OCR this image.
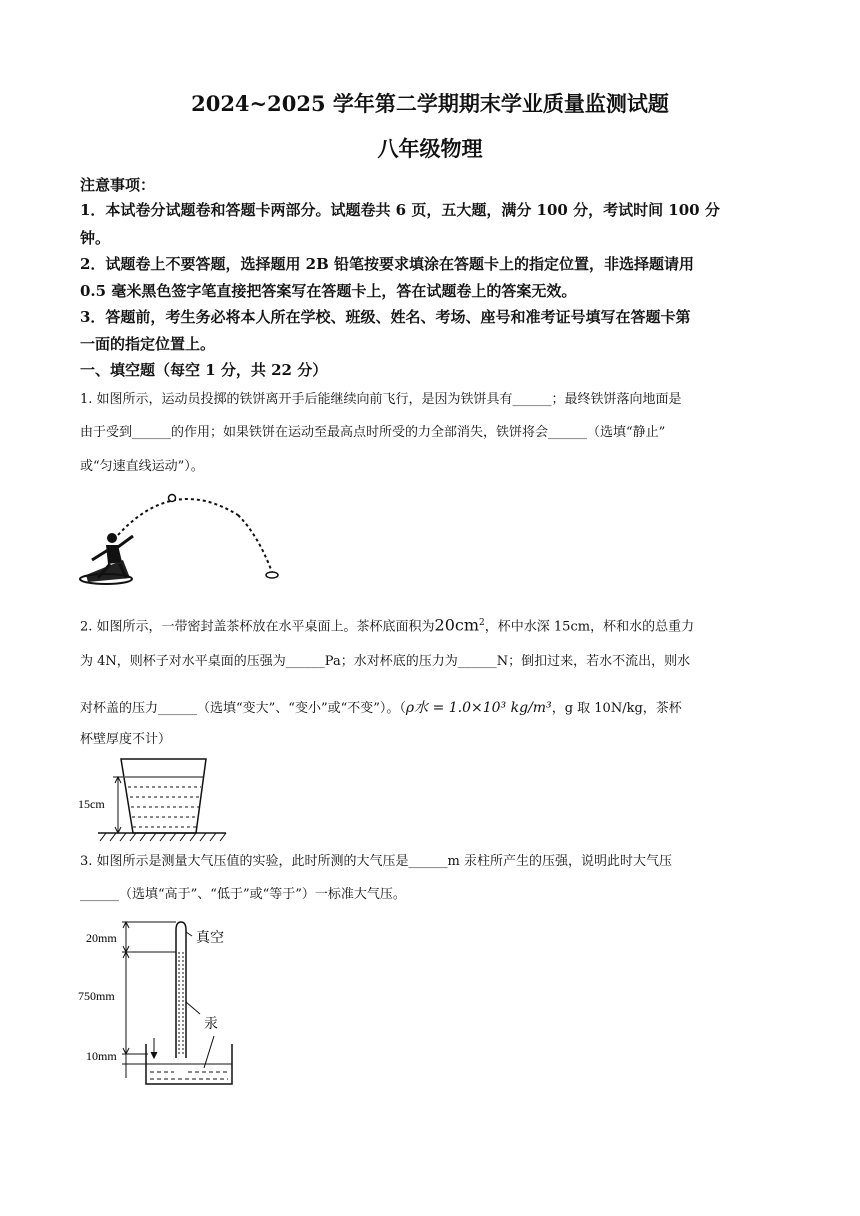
2024~2025 学年第二学期期末学业质量监测试题
八年级物理
注意事项：
1．本试卷分试题卷和答题卡两部分。试题卷共 6 页，五大题，满分 100 分，考试时间 100 分
钟。
2．试题卷上不要答题，选择题用 2B 铅笔按要求填涂在答题卡上的指定位置，非选择题请用
0.5 毫米黑色签字笔直接把答案写在答题卡上，答在试题卷上的答案无效。
3．答题前，考生务必将本人所在学校、班级、姓名、考场、座号和准考证号填写在答题卡第
一面的指定位置上。
一、填空题（每空 1 分，共 22 分）
1. 如图所示，运动员投掷的铁饼离开手后能继续向前飞行，是因为铁饼具有______；最终铁饼落向地面是
由于受到______的作用；如果铁饼在运动至最高点时所受的力全部消失，铁饼将会______（选填“静止”
或“匀速直线运动”）。
2. 如图所示，一带密封盖茶杯放在水平桌面上。茶杯底面积为$20cm^2$，杯中水深 15cm，杯和水的总重力
为 4N，则杯子对水平桌面的压强为______Pa；水对杯底的压力为______N；倒扣过来，若水不流出，则水
对杯盖的压力______（选填“变大”、“变小”或“不变”）。（ρ水 = 1.0×10³ kg/m³，g 取 10N/kg，茶杯
杯壁厚度不计）
15cm
3. 如图所示是测量大气压值的实验，此时所测的大气压是______m 汞柱所产生的压强，说明此时大气压
______（选填“高于”、“低于”或“等于”）一标准大气压。
20mm
750mm
10mm
真空
汞
